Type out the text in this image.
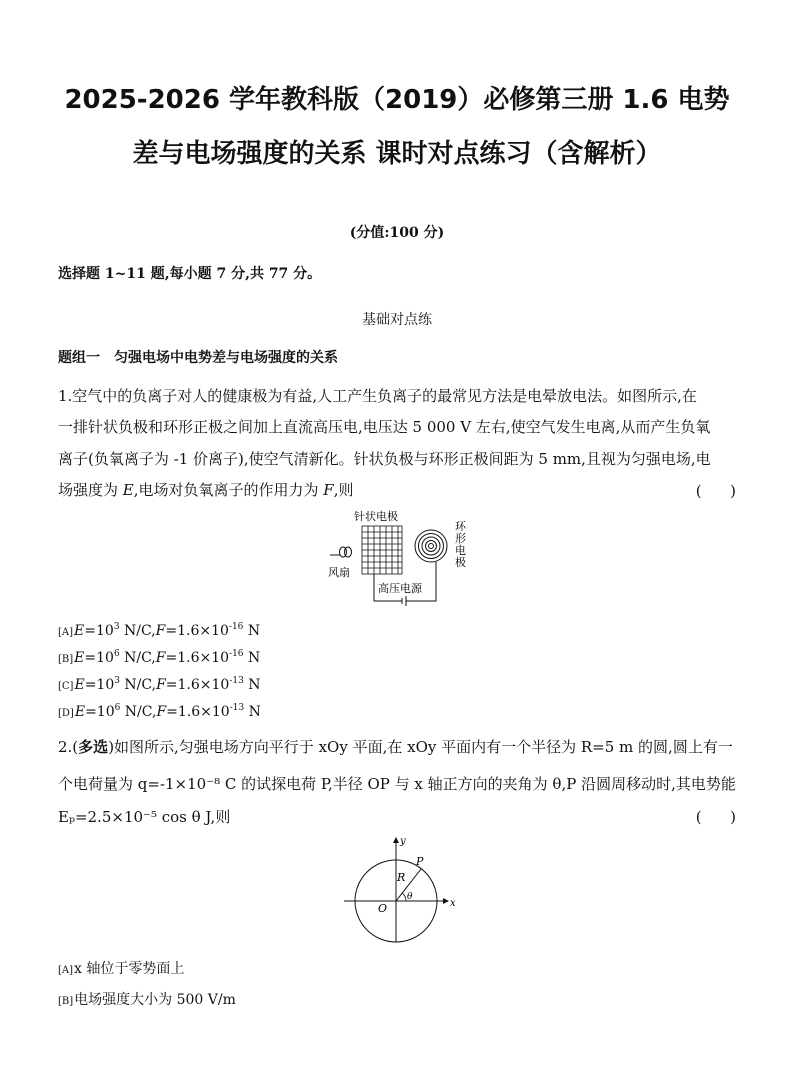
2025-2026 学年教科版（2019）必修第三册 1.6 电势
差与电场强度的关系 课时对点练习（含解析）
(分值:100 分)
选择题 1~11 题,每小题 7 分,共 77 分。
基础对点练
题组一　匀强电场中电势差与电场强度的关系
1.空气中的负离子对人的健康极为有益,人工产生负离子的最常见方法是电晕放电法。如图所示,在
一排针状负极和环形正极之间加上直流高压电,电压达 5 000 V 左右,使空气发生电离,从而产生负氧
离子(负氧离子为 -1 价离子),使空气清新化。针状负极与环形正极间距为 5 mm,且视为匀强电场,电
场强度为 E,电场对负氧离子的作用力为 F,则	(      )
针状电极
风扇
环
形
电
极
高压电源
$[A]E=10^3$ $N/C,F=1.6\times 10^{-16}$ N
$[B]E=10^6$ $N/C,F=1.6\times 10^{-16}$ N
$[C]E=10^3$ $N/C,F=1.6\times 10^{-13}$ N
$[D]E=10^6$ $N/C,F=1.6\times 10^{-13}$ N
2.(多选)如图所示,匀强电场方向平行于 xOy 平面,在 xOy 平面内有一个半径为 R=5 m 的圆,圆上有一
个电荷量为 q=-1×10⁻⁸ C 的试探电荷 P,半径 OP 与 x 轴正方向的夹角为 θ,P 沿圆周移动时,其电势能
Eₚ=2.5×10⁻⁵ cos θ J,则	(      )
y
x
O
P
R
θ
[A]x 轴位于零势面上
[B]电场强度大小为 500 V/m
